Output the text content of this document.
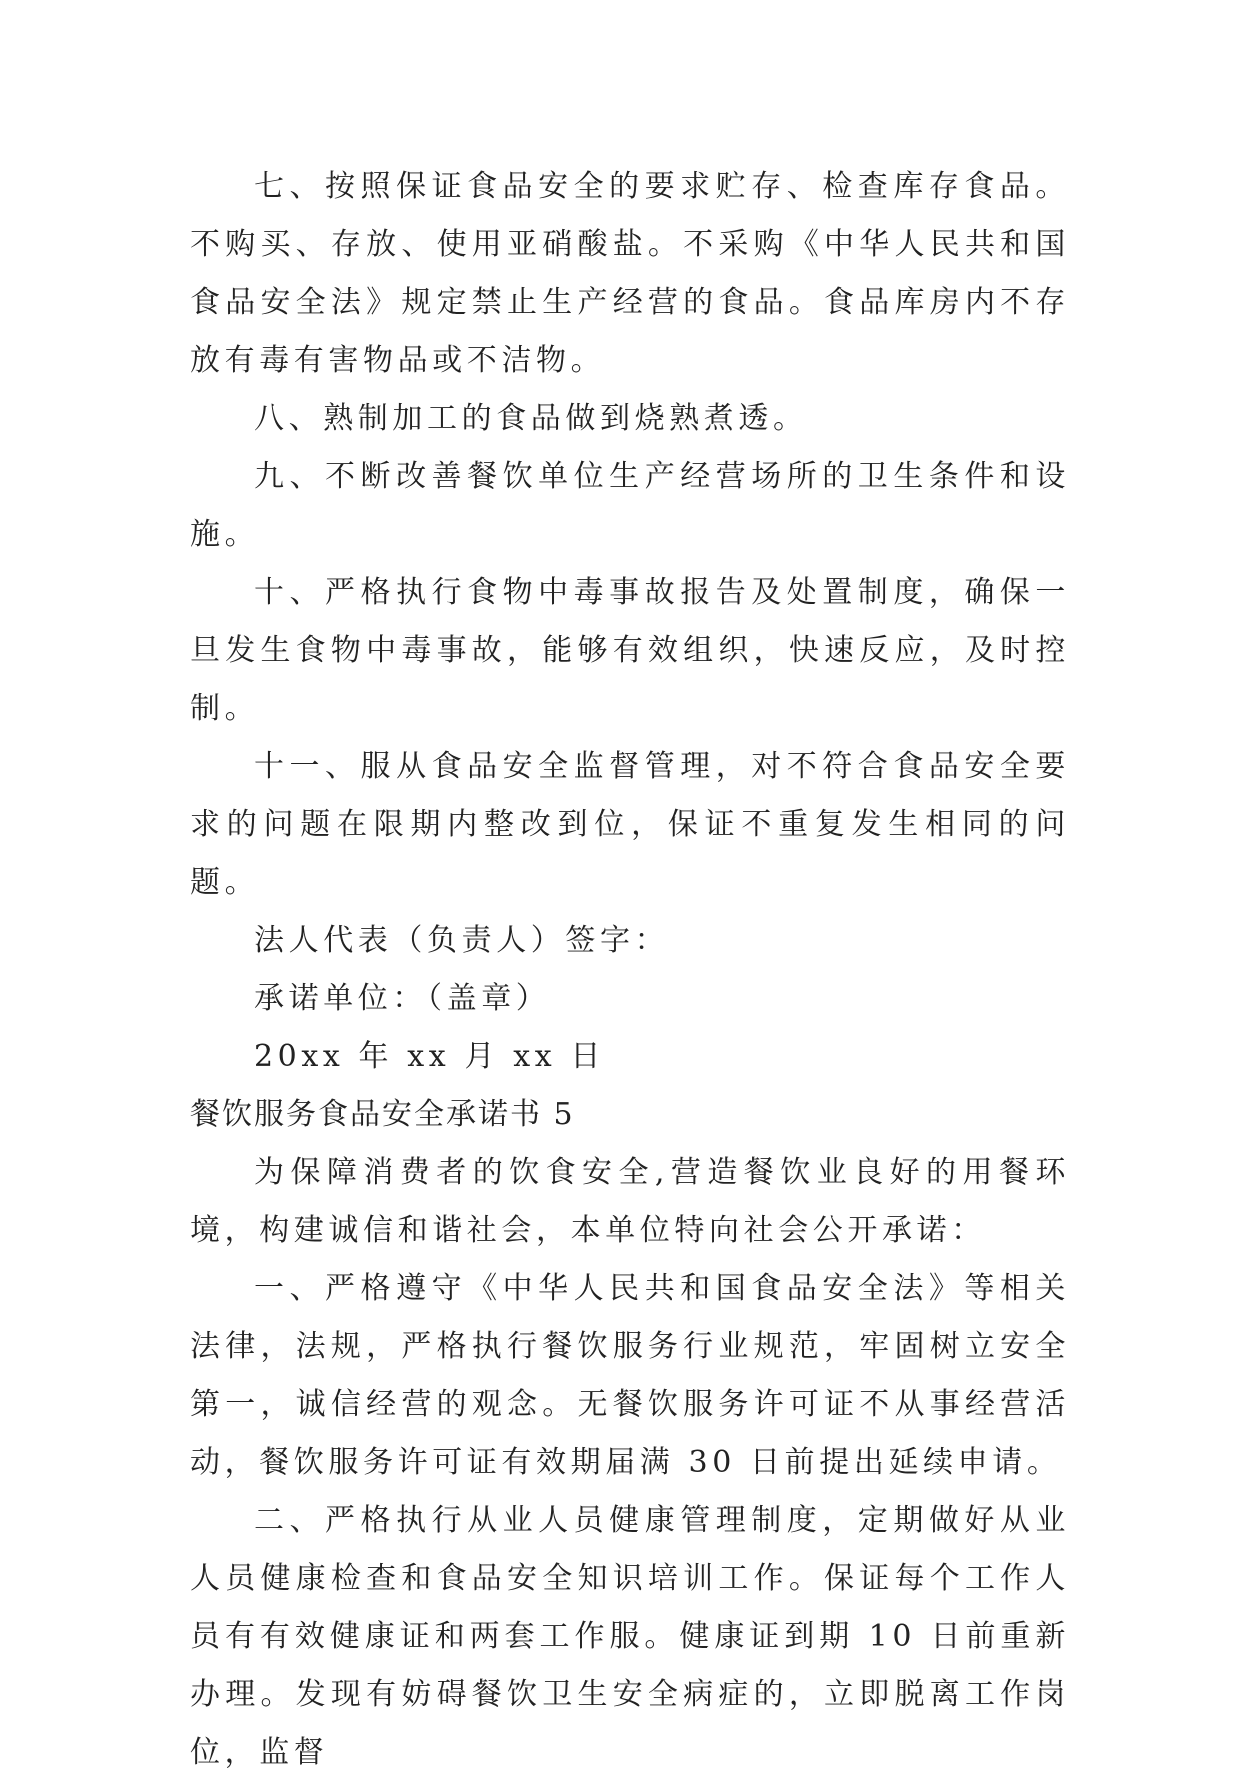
七、按照保证食品安全的要求贮存、检查库存食品。不购买、存放、使用亚硝酸盐。不采购《中华人民共和国食品安全法》规定禁止生产经营的食品。食品库房内不存放有毒有害物品或不洁物。

八、熟制加工的食品做到烧熟煮透。

九、不断改善餐饮单位生产经营场所的卫生条件和设施。

十、严格执行食物中毒事故报告及处置制度，确保一旦发生食物中毒事故，能够有效组织，快速反应，及时控制。

十一、服从食品安全监督管理，对不符合食品安全要求的问题在限期内整改到位，保证不重复发生相同的问题。

法人代表（负责人）签字：

承诺单位：（盖章）

20xx 年 xx 月 xx 日

餐饮服务食品安全承诺书 5

为保障消费者的饮食安全,营造餐饮业良好的用餐环境，构建诚信和谐社会，本单位特向社会公开承诺：

一、严格遵守《中华人民共和国食品安全法》等相关法律，法规，严格执行餐饮服务行业规范，牢固树立安全第一，诚信经营的观念。无餐饮服务许可证不从事经营活动，餐饮服务许可证有效期届满 30 日前提出延续申请。

二、严格执行从业人员健康管理制度，定期做好从业人员健康检查和食品安全知识培训工作。保证每个工作人员有有效健康证和两套工作服。健康证到期 10 日前重新办理。发现有妨碍餐饮卫生安全病症的，立即脱离工作岗位，监督
